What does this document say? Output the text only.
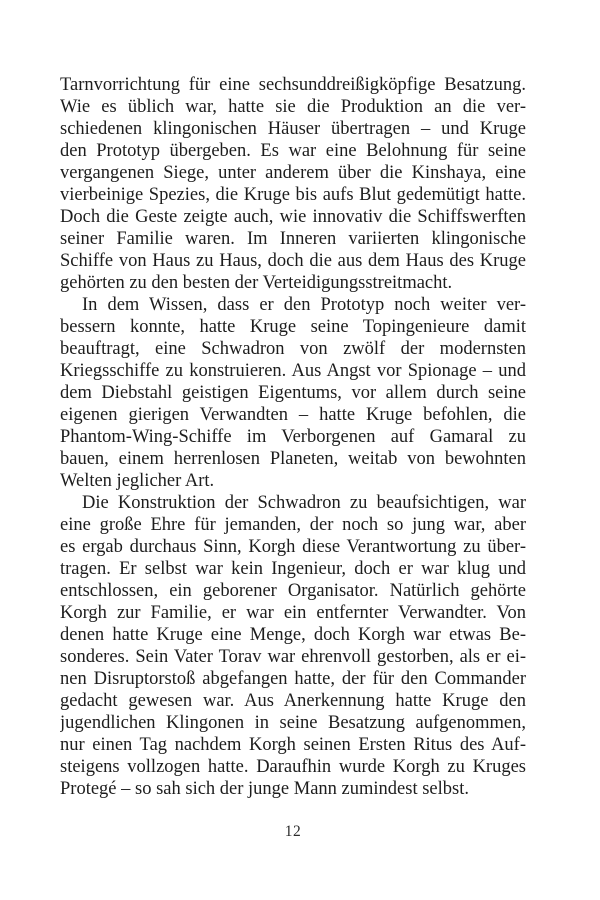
Tarnvorrichtung für eine sechsunddreißigköpfige Besatzung.
Wie es üblich war, hatte sie die Produktion an die ver-
schiedenen klingonischen Häuser übertragen – und Kruge
den Prototyp übergeben. Es war eine Belohnung für seine
vergangenen Siege, unter anderem über die Kinshaya, eine
vierbeinige Spezies, die Kruge bis aufs Blut gedemütigt hatte.
Doch die Geste zeigte auch, wie innovativ die Schiffswerften
seiner Familie waren. Im Inneren variierten klingonische
Schiffe von Haus zu Haus, doch die aus dem Haus des Kruge
gehörten zu den besten der Verteidigungsstreitmacht.
In dem Wissen, dass er den Prototyp noch weiter ver-
bessern konnte, hatte Kruge seine Topingenieure damit
beauftragt, eine Schwadron von zwölf der modernsten
Kriegsschiffe zu konstruieren. Aus Angst vor Spionage – und
dem Diebstahl geistigen Eigentums, vor allem durch seine
eigenen gierigen Verwandten – hatte Kruge befohlen, die
Phantom-Wing-Schiffe im Verborgenen auf Gamaral zu
bauen, einem herrenlosen Planeten, weitab von bewohnten
Welten jeglicher Art.
Die Konstruktion der Schwadron zu beaufsichtigen, war
eine große Ehre für jemanden, der noch so jung war, aber
es ergab durchaus Sinn, Korgh diese Verantwortung zu über-
tragen. Er selbst war kein Ingenieur, doch er war klug und
entschlossen, ein geborener Organisator. Natürlich gehörte
Korgh zur Familie, er war ein entfernter Verwandter. Von
denen hatte Kruge eine Menge, doch Korgh war etwas Be-
sonderes. Sein Vater Torav war ehrenvoll gestorben, als er ei-
nen Disruptorstoß abgefangen hatte, der für den Commander
gedacht gewesen war. Aus Anerkennung hatte Kruge den
jugendlichen Klingonen in seine Besatzung aufgenommen,
nur einen Tag nachdem Korgh seinen Ersten Ritus des Auf-
steigens vollzogen hatte. Daraufhin wurde Korgh zu Kruges
Protegé – so sah sich der junge Mann zumindest selbst.
12
